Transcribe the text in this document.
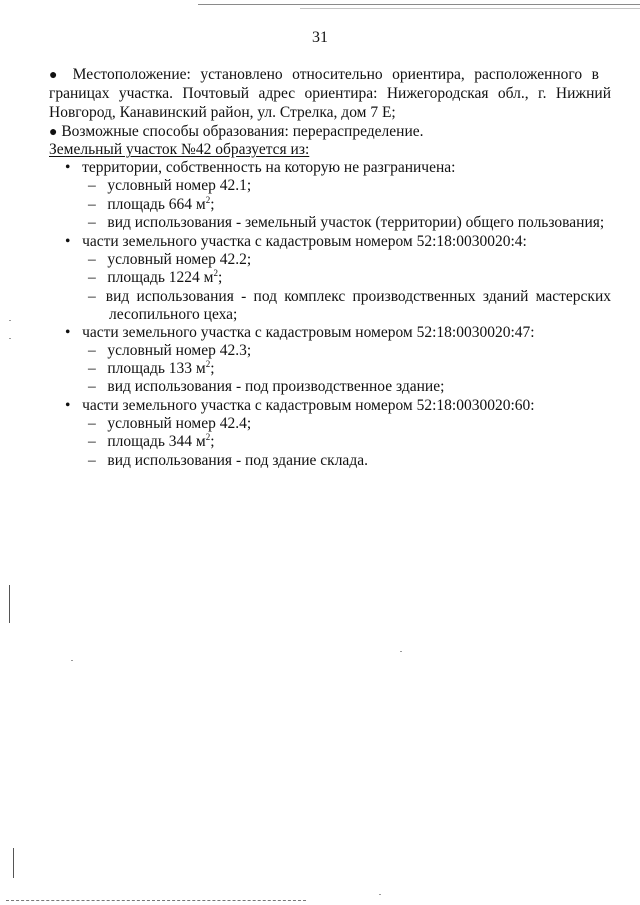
31
● Местоположение: установлено относительно ориентира, расположенного в
границах участка. Почтовый адрес ориентира: Нижегородская обл., г. Нижний
Новгород, Канавинский район, ул. Стрелка, дом 7 Е;
● Возможные способы образования: перераспределение.
Земельный участок №42 образуется из:
• территории, собственность на которую не разграничена:
– условный номер 42.1;
– площадь 664 $м^2$;
– вид использования - земельный участок (территории) общего пользования;
• части земельного участка с кадастровым номером 52:18:0030020:4:
– условный номер 42.2;
– площадь 1224 $м^2$;
– вид использования - под комплекс производственных зданий мастерских
лесопильного цеха;
• части земельного участка с кадастровым номером 52:18:0030020:47:
– условный номер 42.3;
– площадь 133 $м^2$;
– вид использования - под производственное здание;
• части земельного участка с кадастровым номером 52:18:0030020:60:
– условный номер 42.4;
– площадь 344 $м^2$;
– вид использования - под здание склада.
